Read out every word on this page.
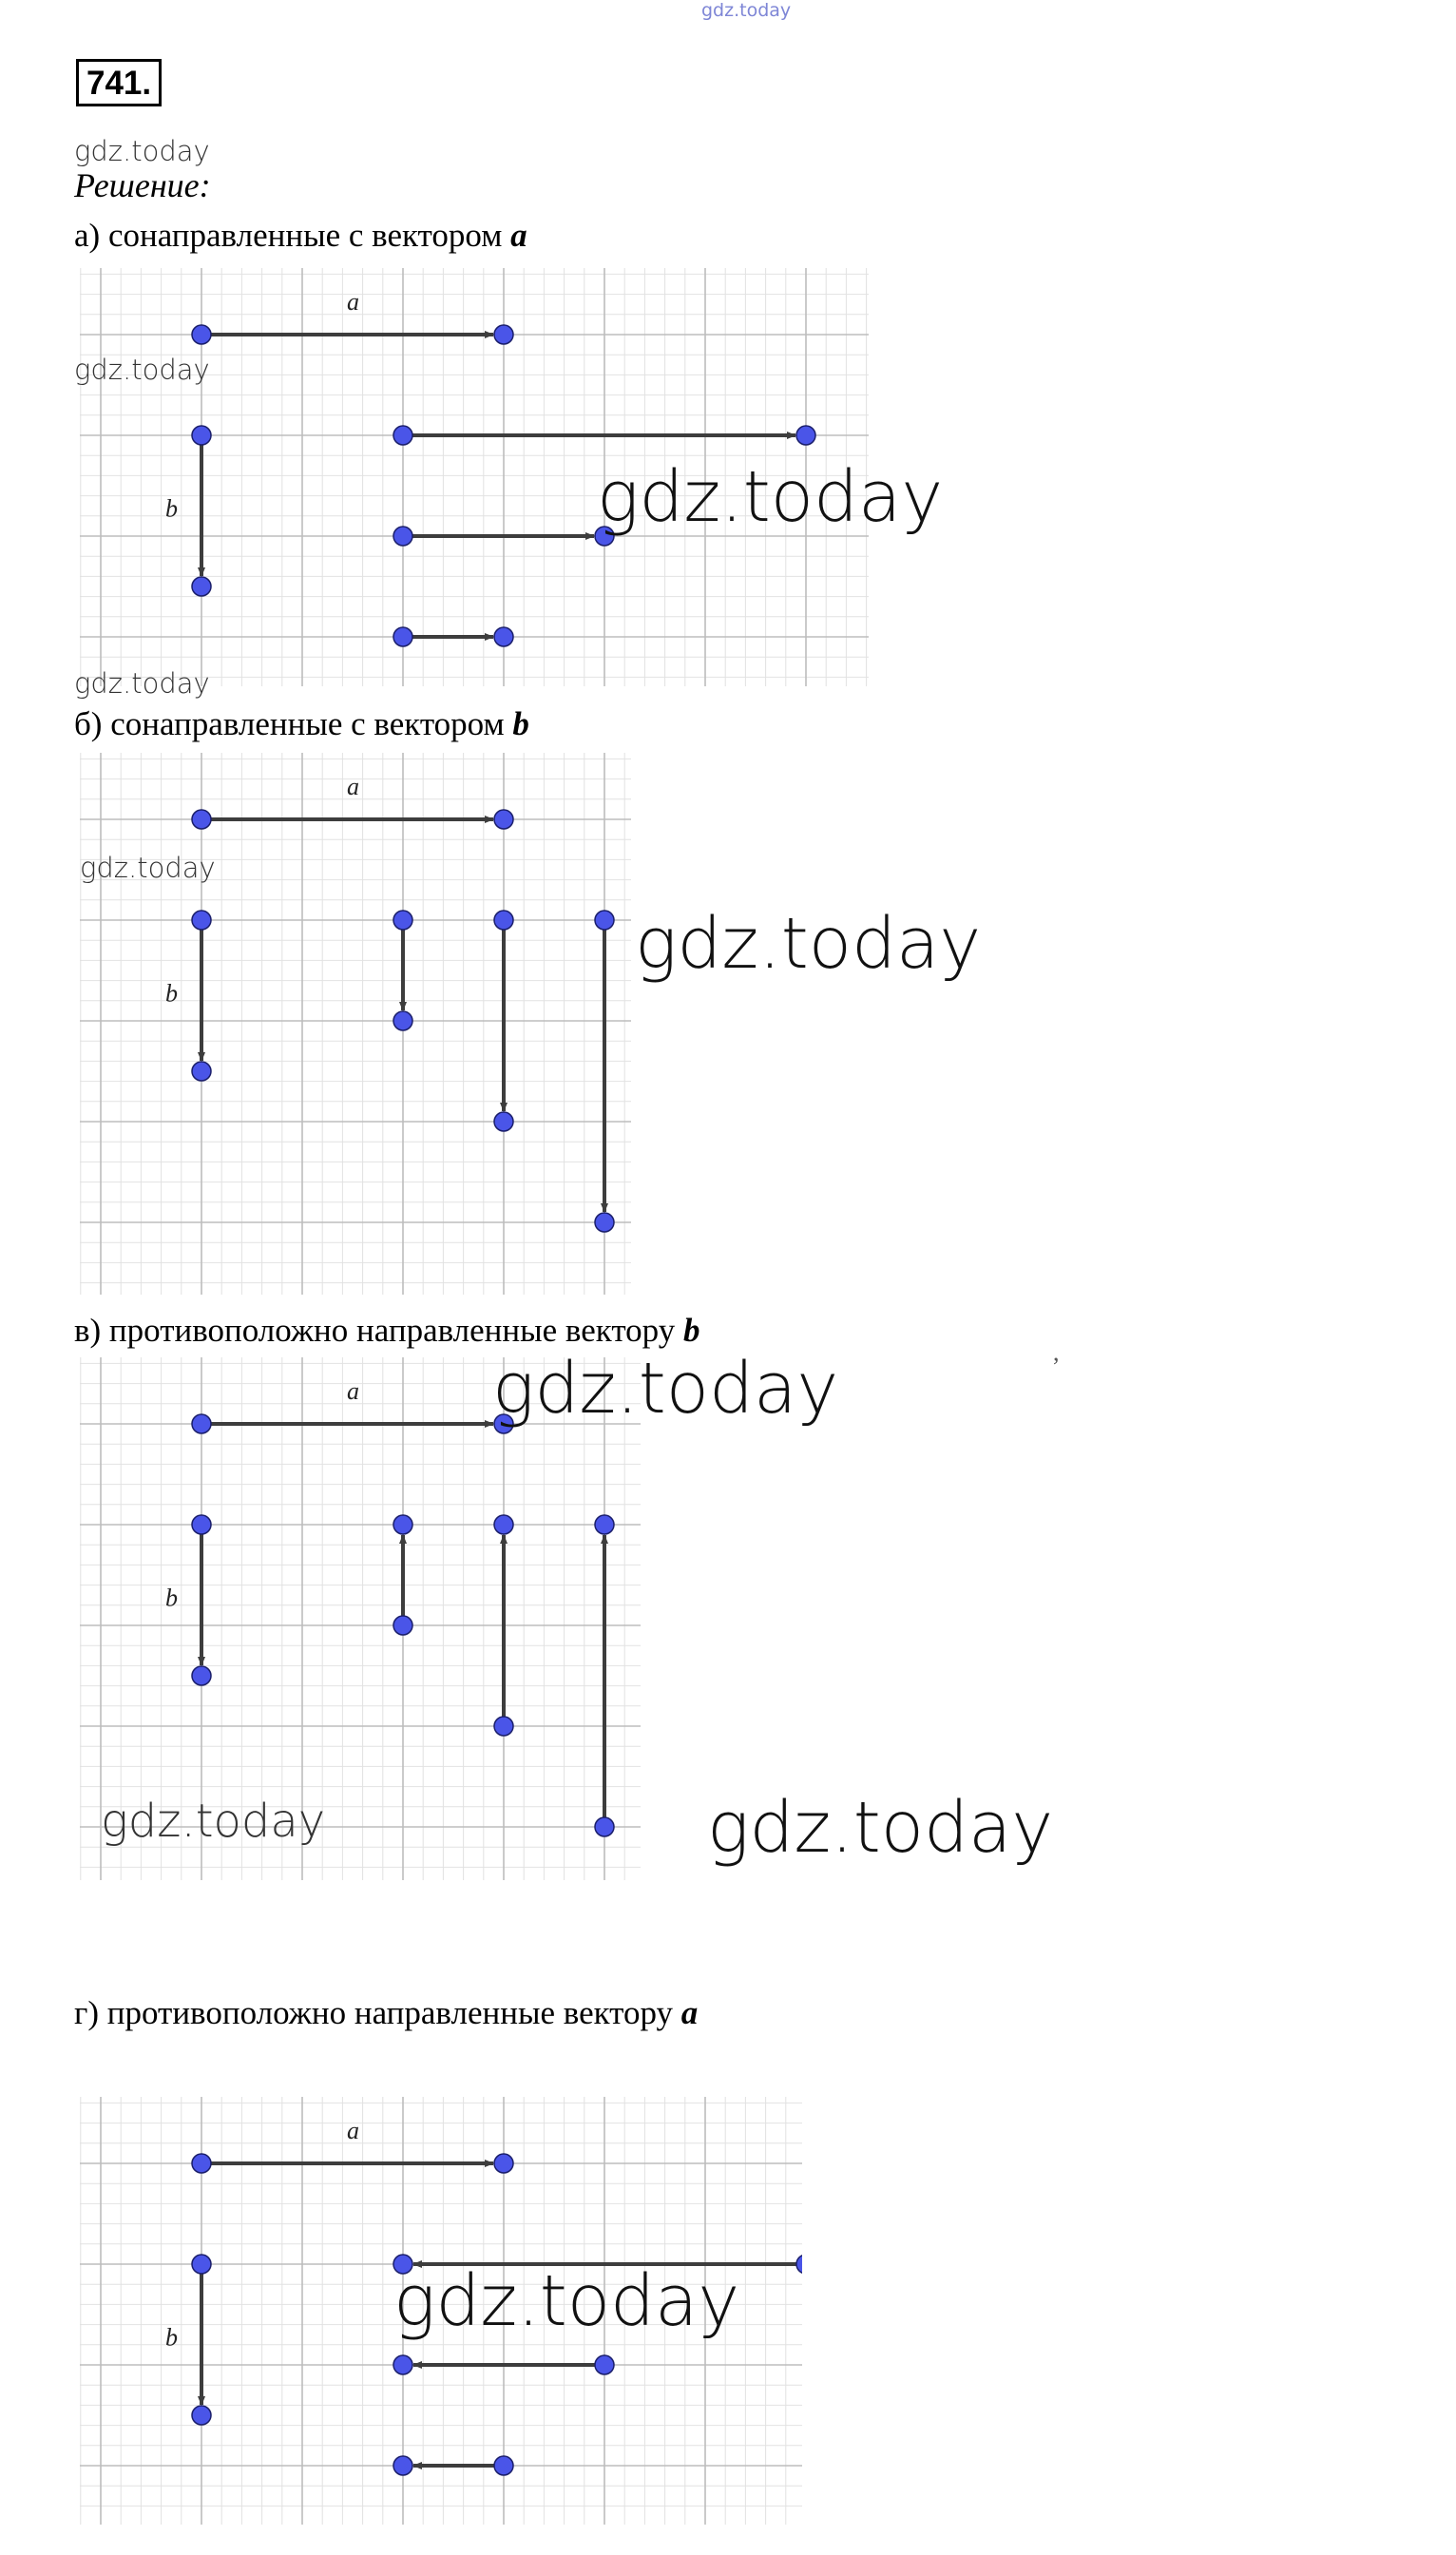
gdz.today
741.
gdz.today
Решение:
а) сонаправленные с вектором a⃗
a⃗
b⃗
gdz.today
gdz.today
gdz.today
б) сонаправленные с вектором b⃗
a⃗
b⃗
gdz.today
gdz.today
в) противоположно направленные вектору b⃗
,
a⃗
b⃗
gdz.today
gdz.today	gdz.today
г) противоположно направленные вектору a⃗
a⃗
b⃗	gdz.today
